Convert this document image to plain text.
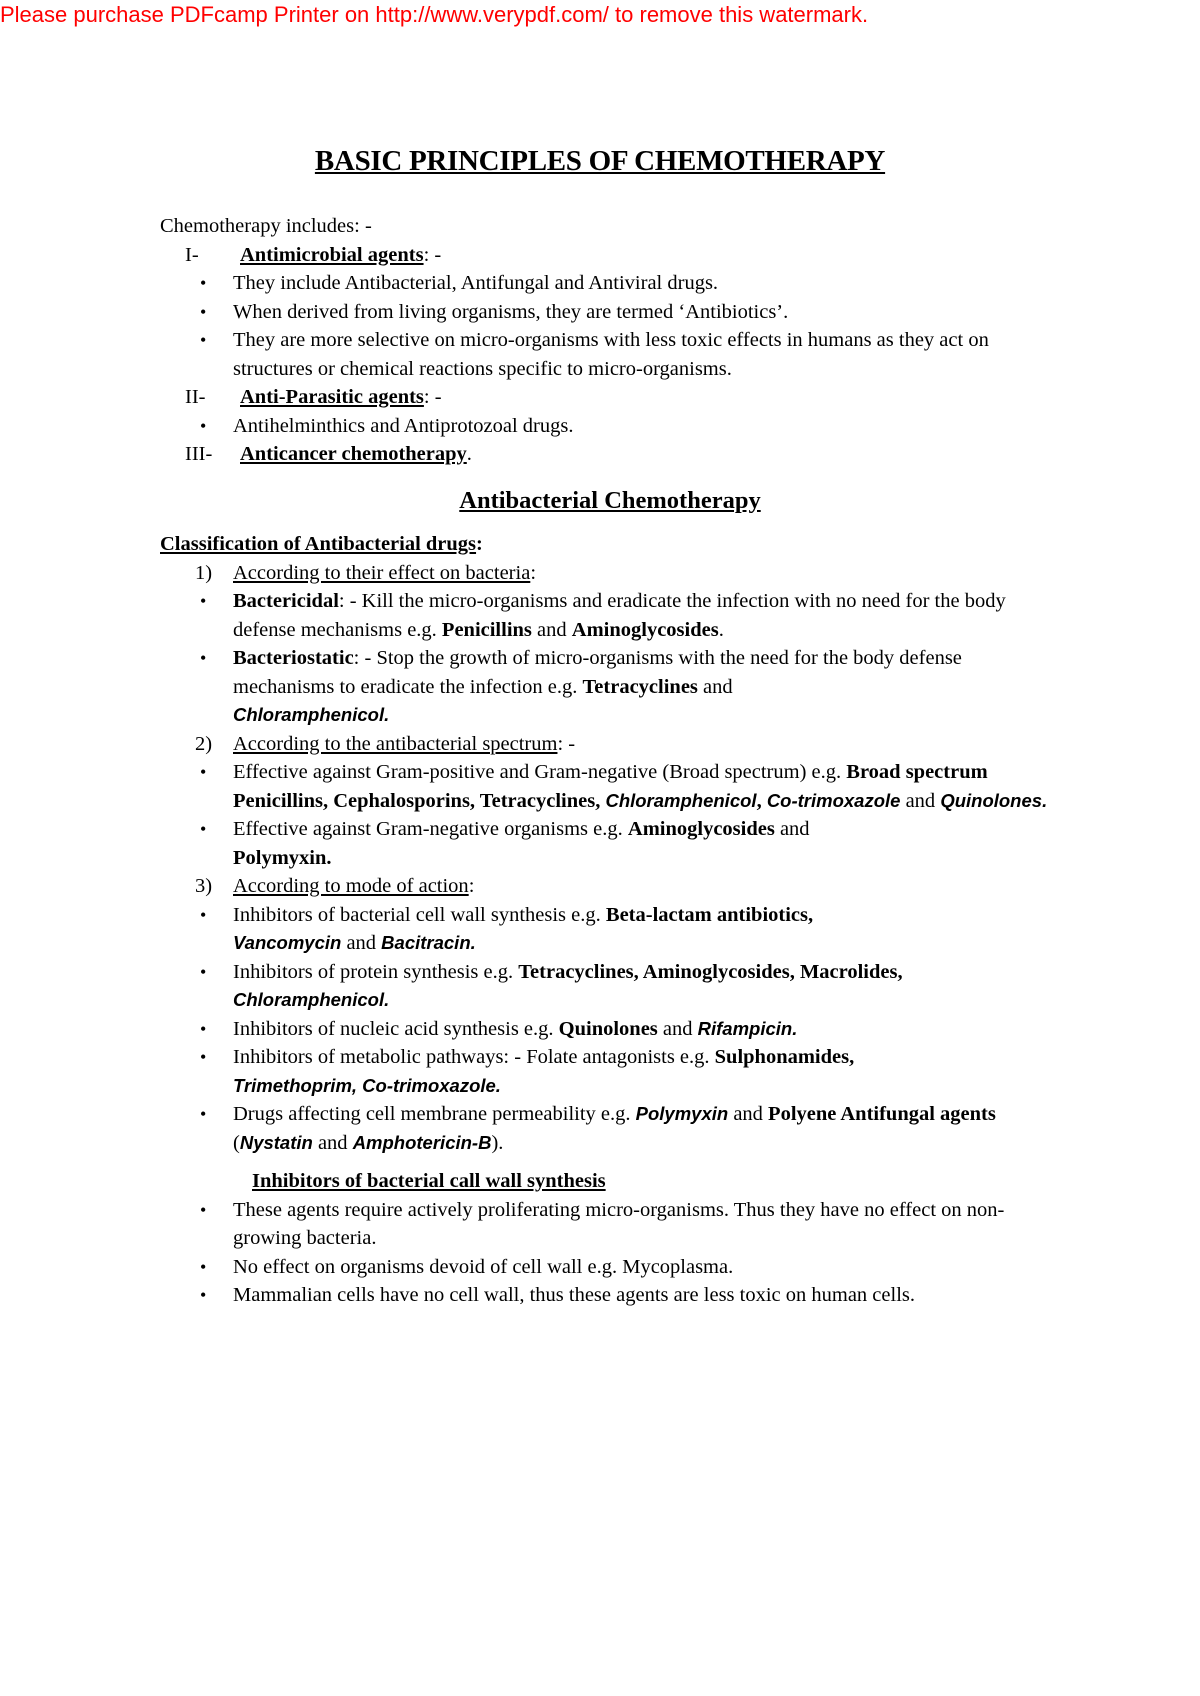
Please purchase PDFcamp Printer on http://www.verypdf.com/ to remove this watermark.
BASIC PRINCIPLES OF CHEMOTHERAPY

Chemotherapy includes: -

I-	Antimicrobial agents: -
•	They include Antibacterial, Antifungal and Antiviral drugs.
•	When derived from living organisms, they are termed ‘Antibiotics’.
•	They are more selective on micro-organisms with less toxic effects in humans as they act on structures or chemical reactions specific to micro-organisms.
II-	Anti-Parasitic agents: -
•	Antihelminthics and Antiprotozoal drugs.
III-	Anticancer chemotherapy.
Antibacterial Chemotherapy

Classification of Antibacterial drugs:

1)	According to their effect on bacteria:
•	Bactericidal: - Kill the micro-organisms and eradicate the infection with no need for the body defense mechanisms e.g. Penicillins and Aminoglycosides.
•	Bacteriostatic: - Stop the growth of micro-organisms with the need for the body defense mechanisms to eradicate the infection e.g. Tetracyclines and
Chloramphenicol.
2)	According to the antibacterial spectrum: -
•	Effective against Gram-positive and Gram-negative (Broad spectrum) e.g. Broad spectrum Penicillins, Cephalosporins, Tetracyclines, Chloramphenicol, Co-trimoxazole and Quinolones.
•	Effective against Gram-negative organisms e.g. Aminoglycosides and
Polymyxin.
3)	According to mode of action:
•	Inhibitors of bacterial cell wall synthesis e.g. Beta-lactam antibiotics,
Vancomycin and Bacitracin.
•	Inhibitors of protein synthesis e.g. Tetracyclines, Aminoglycosides, Macrolides,
Chloramphenicol.
•	Inhibitors of nucleic acid synthesis e.g. Quinolones and Rifampicin.
•	Inhibitors of metabolic pathways: - Folate antagonists e.g. Sulphonamides,
Trimethoprim, Co-trimoxazole.
•	Drugs affecting cell membrane permeability e.g. Polymyxin and Polyene Antifungal agents (Nystatin and Amphotericin-B).

Inhibitors of bacterial call wall synthesis

•	These agents require actively proliferating micro-organisms. Thus they have no effect on non-growing bacteria.
•	No effect on organisms devoid of cell wall e.g. Mycoplasma.
•	Mammalian cells have no cell wall, thus these agents are less toxic on human cells.
